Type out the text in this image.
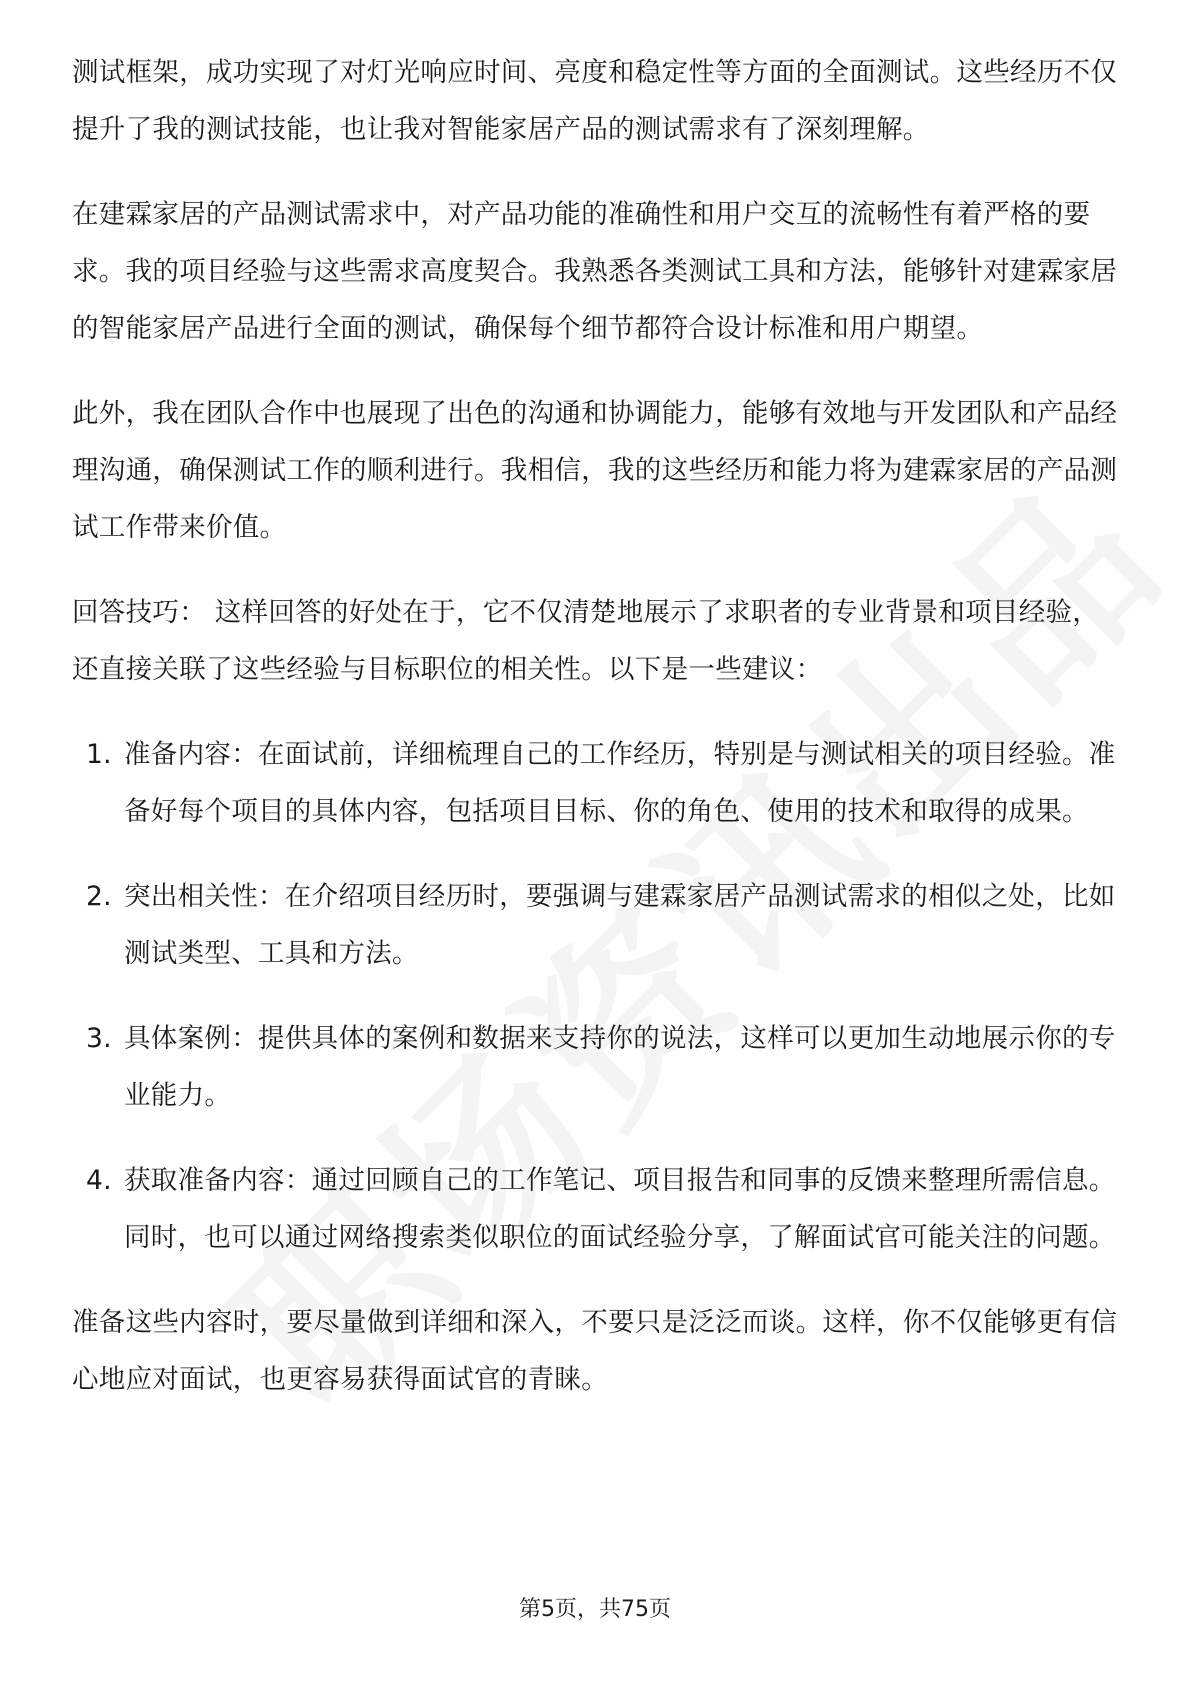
测试框架，成功实现了对灯光响应时间、亮度和稳定性等方面的全面测试。这些经历不仅提升了我的测试技能，也让我对智能家居产品的测试需求有了深刻理解。

在建霖家居的产品测试需求中，对产品功能的准确性和用户交互的流畅性有着严格的要求。我的项目经验与这些需求高度契合。我熟悉各类测试工具和方法，能够针对建霖家居的智能家居产品进行全面的测试，确保每个细节都符合设计标准和用户期望。

此外，我在团队合作中也展现了出色的沟通和协调能力，能够有效地与开发团队和产品经理沟通，确保测试工作的顺利进行。我相信，我的这些经历和能力将为建霖家居的产品测试工作带来价值。

回答技巧： 这样回答的好处在于，它不仅清楚地展示了求职者的专业背景和项目经验，还直接关联了这些经验与目标职位的相关性。以下是一些建议：

1. 准备内容：在面试前，详细梳理自己的工作经历，特别是与测试相关的项目经验。准备好每个项目的具体内容，包括项目目标、你的角色、使用的技术和取得的成果。
2. 突出相关性：在介绍项目经历时，要强调与建霖家居产品测试需求的相似之处，比如测试类型、工具和方法。
3. 具体案例：提供具体的案例和数据来支持你的说法，这样可以更加生动地展示你的专业能力。
4. 获取准备内容：通过回顾自己的工作笔记、项目报告和同事的反馈来整理所需信息。同时，也可以通过网络搜索类似职位的面试经验分享，了解面试官可能关注的问题。

准备这些内容时，要尽量做到详细和深入，不要只是泛泛而谈。这样，你不仅能够更有信心地应对面试，也更容易获得面试官的青睐。

第5页，共75页
